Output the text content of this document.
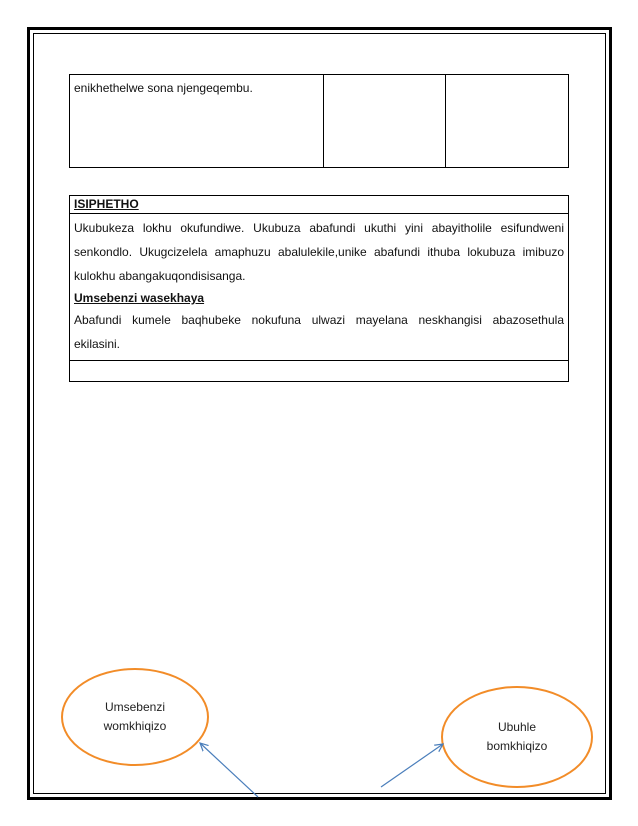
enikhethelwe sona njengeqembu.		
ISIPHETHO

Ukubukeza lokhu okufundiwe. Ukubuza abafundi ukuthi yini abayitholile esifundweni
senkondlo. Ukugcizelela amaphuzu abalulekile,unike abafundi ithuba lokubuza imibuzo
kulokhu abangakuqondisisanga.
Umsebenzi wasekhaya
Abafundi kumele baqhubeke nokufuna ulwazi mayelana neskhangisi abazosethula
ekilasini.

Umsebenzi
womkhiqizo	Ubuhle
bomkhiqizo
